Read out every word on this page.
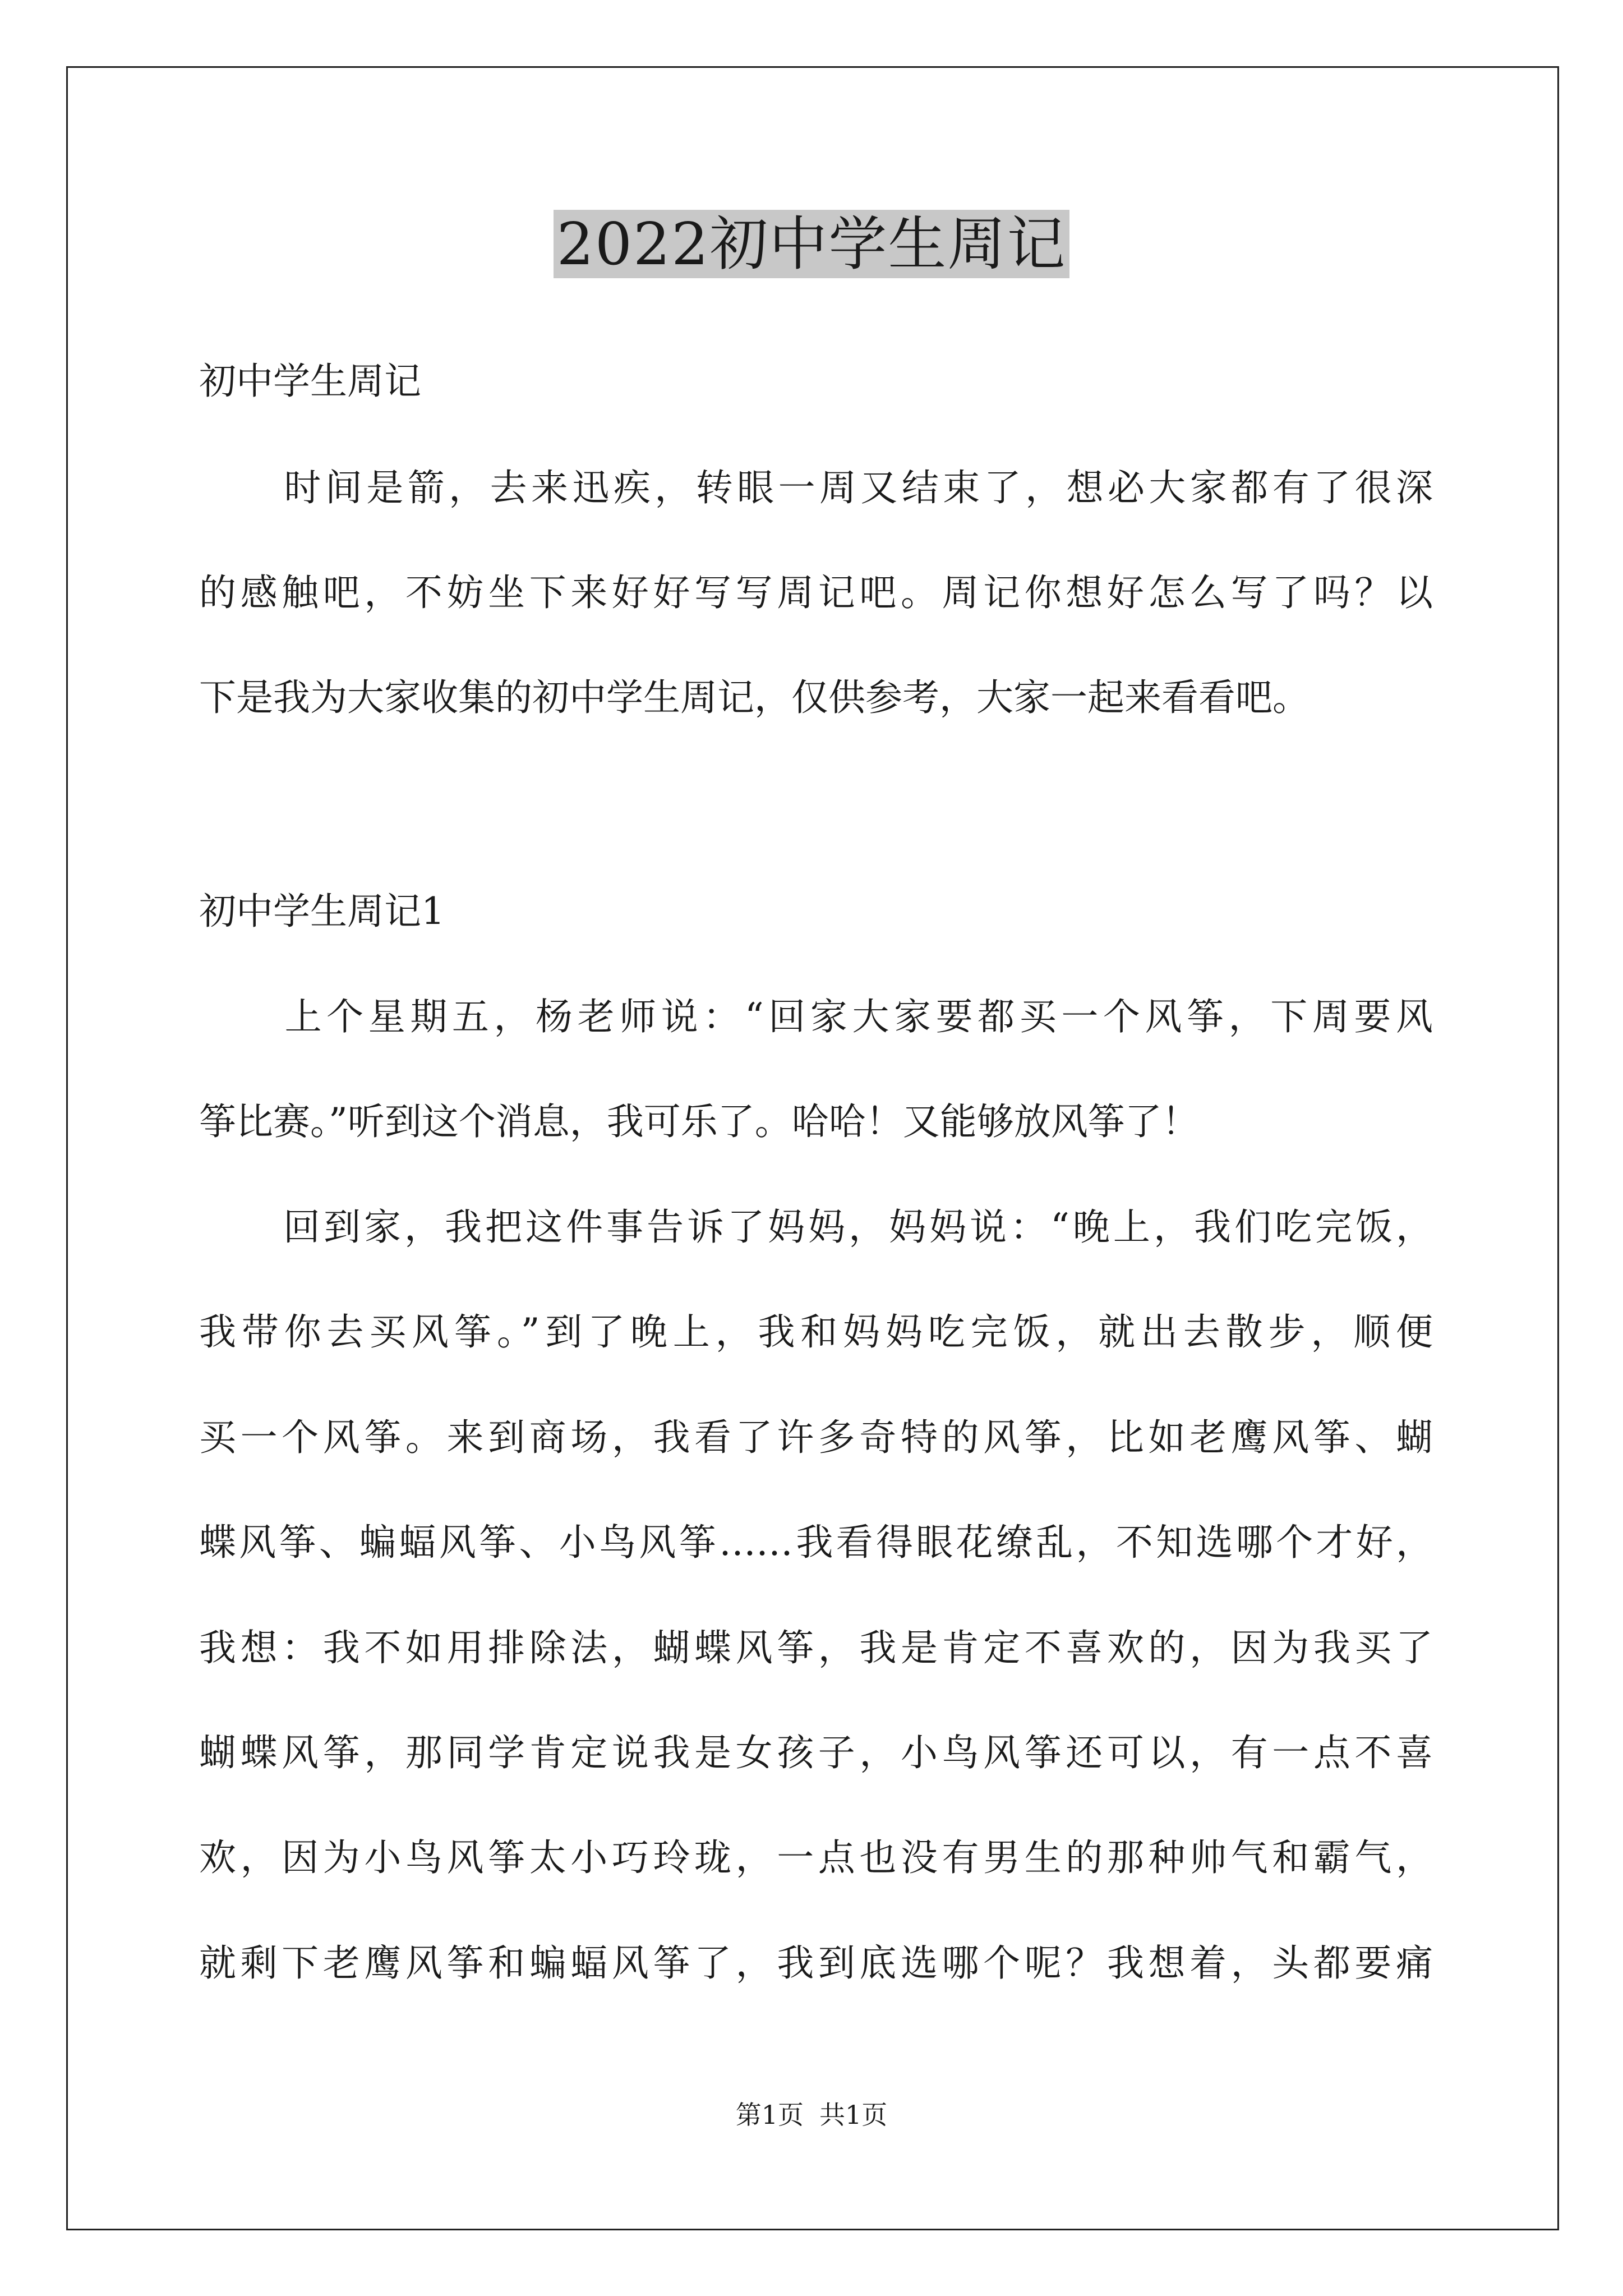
2022初中学生周记
初中学生周记
时间是箭，去来迅疾，转眼一周又结束了，想必大家都有了很深
的感触吧，不妨坐下来好好写写周记吧。周记你想好怎么写了吗？以
下是我为大家收集的初中学生周记，仅供参考，大家一起来看看吧。
初中学生周记1
上个星期五，杨老师说：“回家大家要都买一个风筝，下周要风
筝比赛。”听到这个消息，我可乐了。哈哈！又能够放风筝了！
回到家，我把这件事告诉了妈妈，妈妈说：“晚上，我们吃完饭，
我带你去买风筝。”到了晚上，我和妈妈吃完饭，就出去散步，顺便
买一个风筝。来到商场，我看了许多奇特的风筝，比如老鹰风筝、蝴
蝶风筝、蝙蝠风筝、小鸟风筝……我看得眼花缭乱，不知选哪个才好，
我想：我不如用排除法，蝴蝶风筝，我是肯定不喜欢的，因为我买了
蝴蝶风筝，那同学肯定说我是女孩子，小鸟风筝还可以，有一点不喜
欢，因为小鸟风筝太小巧玲珑，一点也没有男生的那种帅气和霸气，
就剩下老鹰风筝和蝙蝠风筝了，我到底选哪个呢？我想着，头都要痛
第1页 共1页
